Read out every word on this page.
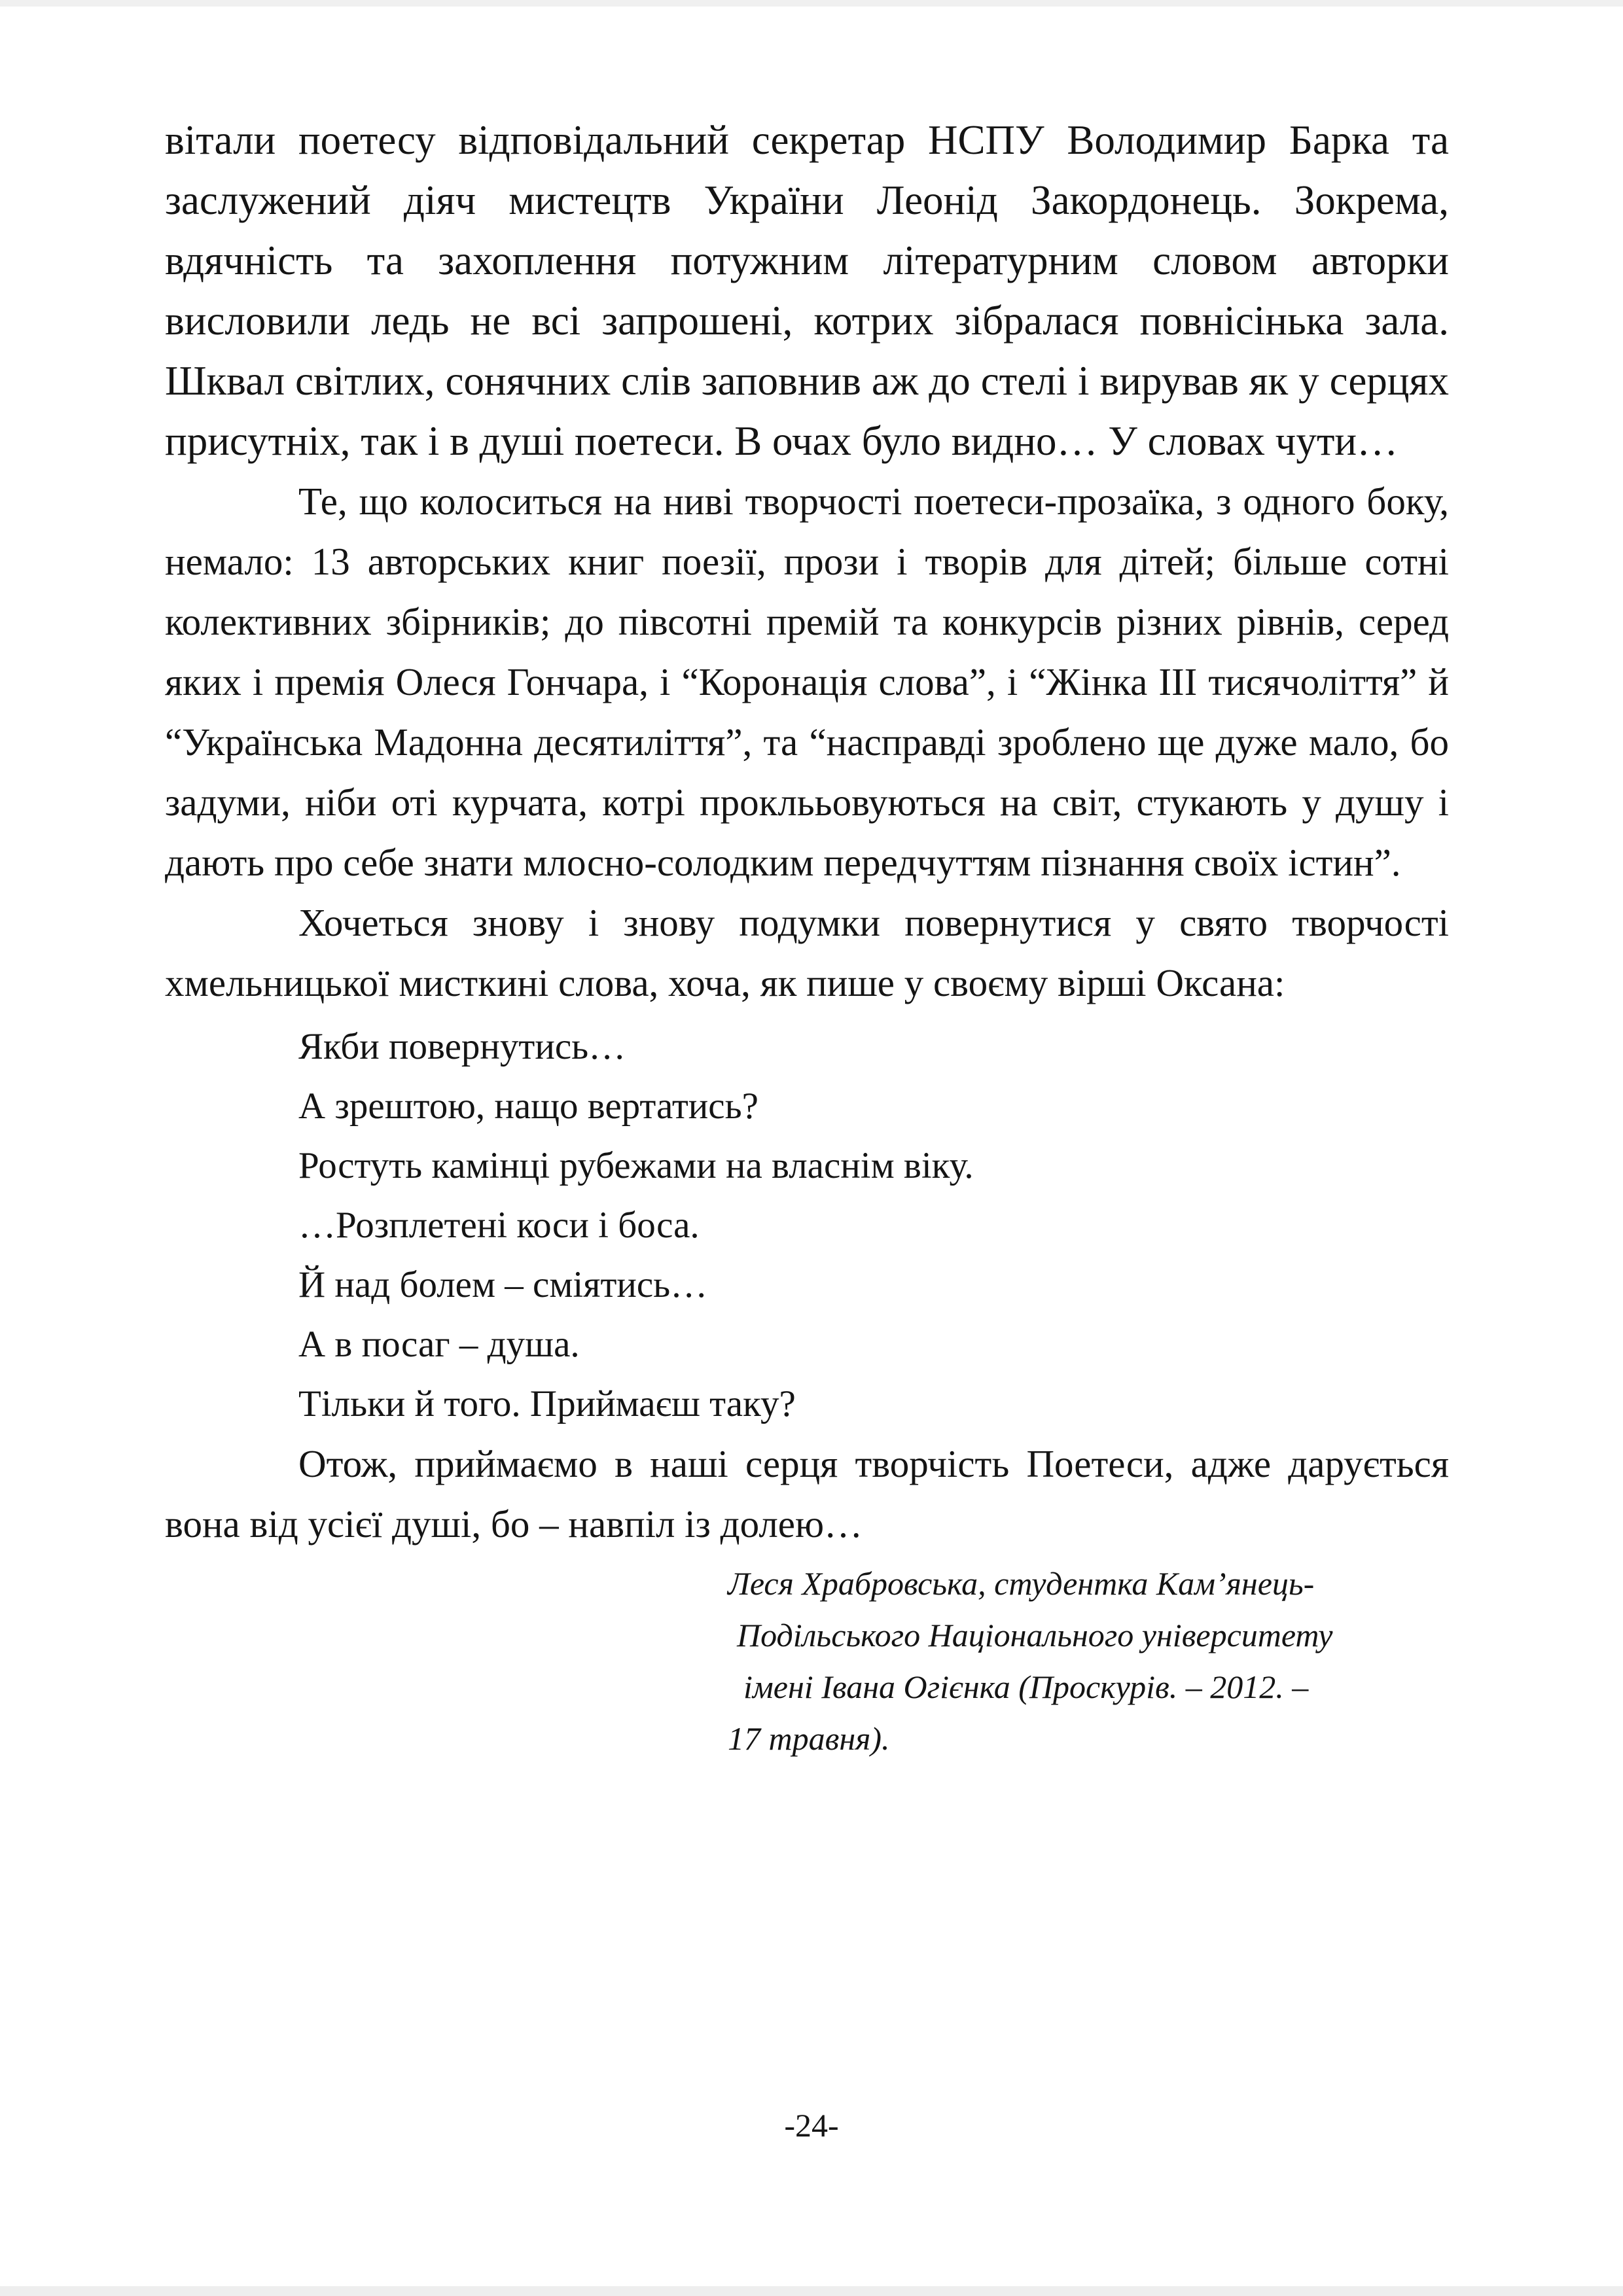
вітали поетесу відповідальний секретар НСПУ Володимир Барка та заслужений діяч мистецтв України Леонід Закордонець. Зокрема, вдячність та захоплення потужним літературним словом авторки висловили ледь не всі запрошені, котрих зібралася повнісінька зала. Шквал світлих, сонячних слів заповнив аж до стелі і вирував як у серцях присутніх, так і в душі поетеси. В очах було видно… У словах чути…

Те, що колоситься на ниві творчості поетеси-прозаїка, з одного боку, немало: 13 авторських книг поезії, прози і творів для дітей; більше сотні колективних збірників; до півсотні премій та конкурсів різних рівнів, серед яких і премія Олеся Гончара, і “Коронація слова”, і “Жінка ІІІ тисячоліття” й “Українська Мадонна десятиліття”, та “насправді зроблено ще дуже мало, бо задуми, ніби оті курчата, котрі проклььовуються на світ, стукають у душу і дають про себе знати млосно-солодким передчуттям пізнання своїх істин”.

Хочеться знову і знову подумки повернутися у свято творчості хмельницької мисткині слова, хоча, як пише у своєму вірші Оксана:

Якби повернутись…
А зрештою, нащо вертатись?
Ростуть камінці рубежами на власнім віку.
…Розплетені коси і боса.
Й над болем – сміятись…
А в посаг – душа.
Тільки й того. Приймаєш таку?

Отож, приймаємо в наші серця творчість Поетеси, адже дарується вона від усієї душі, бо – навпіл із долею…

Леся Храбровська, студентка Кам’янець-
Подільського Національного університету
імені Івана Огієнка (Проскурів. – 2012. –
17 травня).
-24-
